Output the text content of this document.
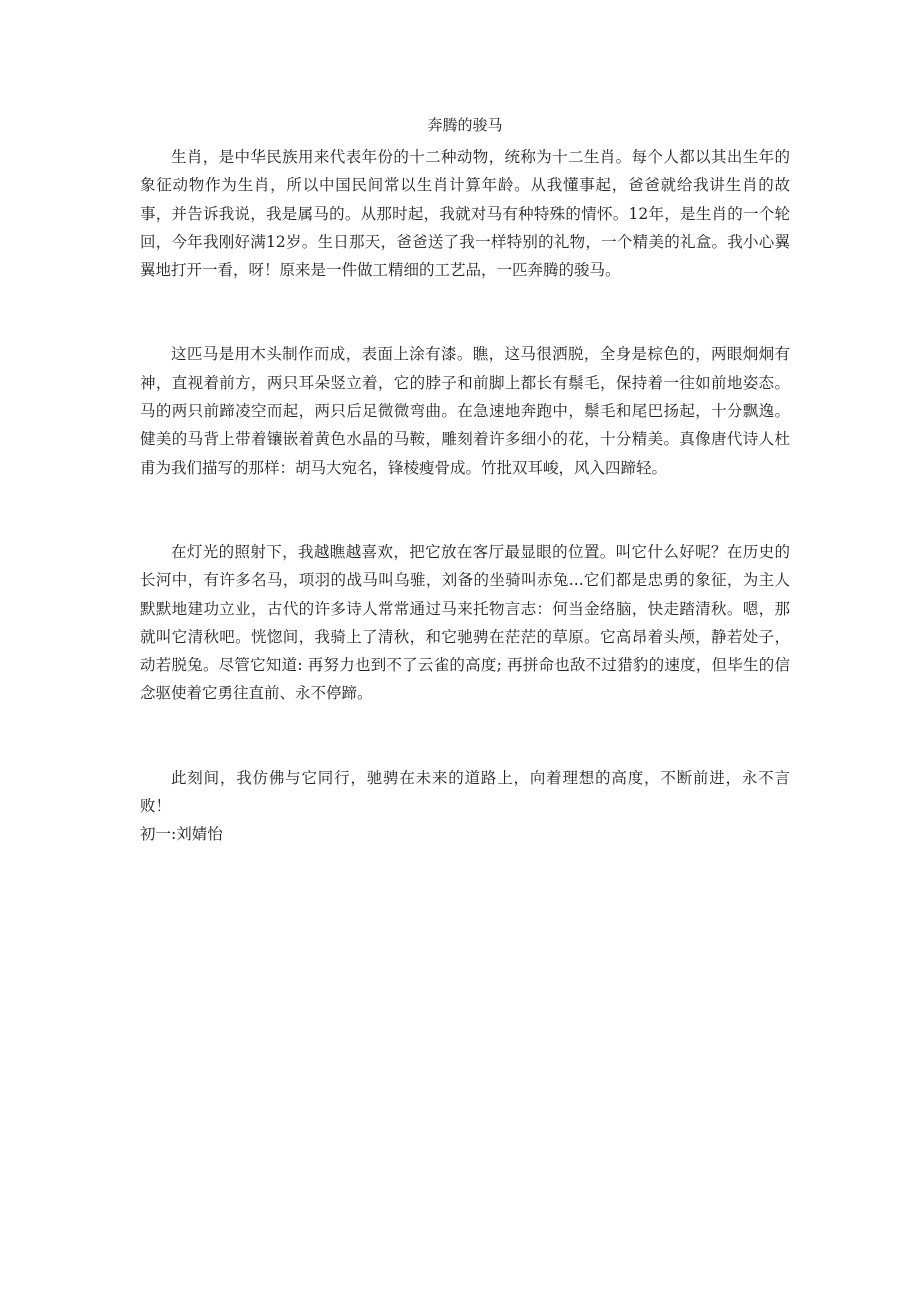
奔腾的骏马

生肖，是中华民族用来代表年份的十二种动物，统称为十二生肖。每个人都以其出生年的象征动物作为生肖，所以中国民间常以生肖计算年龄。从我懂事起，爸爸就给我讲生肖的故事，并告诉我说，我是属马的。从那时起，我就对马有种特殊的情怀。12年，是生肖的一个轮回，今年我刚好满12岁。生日那天，爸爸送了我一样特别的礼物，一个精美的礼盒。我小心翼翼地打开一看，呀！原来是一件做工精细的工艺品，一匹奔腾的骏马。

这匹马是用木头制作而成，表面上涂有漆。瞧，这马很洒脱，全身是棕色的，两眼炯炯有神，直视着前方，两只耳朵竖立着，它的脖子和前脚上都长有鬃毛，保持着一往如前地姿态。马的两只前蹄凌空而起，两只后足微微弯曲。在急速地奔跑中，鬃毛和尾巴扬起，十分飘逸。健美的马背上带着镶嵌着黄色水晶的马鞍，雕刻着许多细小的花，十分精美。真像唐代诗人杜甫为我们描写的那样：胡马大宛名，锋棱瘦骨成。竹批双耳峻，风入四蹄轻。

在灯光的照射下，我越瞧越喜欢，把它放在客厅最显眼的位置。叫它什么好呢？在历史的长河中，有许多名马，项羽的战马叫乌骓，刘备的坐骑叫赤兔...它们都是忠勇的象征，为主人默默地建功立业，古代的许多诗人常常通过马来托物言志：何当金络脑，快走踏清秋。嗯，那就叫它清秋吧。恍惚间，我骑上了清秋，和它驰骋在茫茫的草原。它高昂着头颅，静若处子，动若脱兔。尽管它知道: 再努力也到不了云雀的高度; 再拼命也敌不过猎豹的速度，但毕生的信念驱使着它勇往直前、永不停蹄。

此刻间，我仿佛与它同行，驰骋在未来的道路上，向着理想的高度，不断前进，永不言败！

初一:刘婧怡
